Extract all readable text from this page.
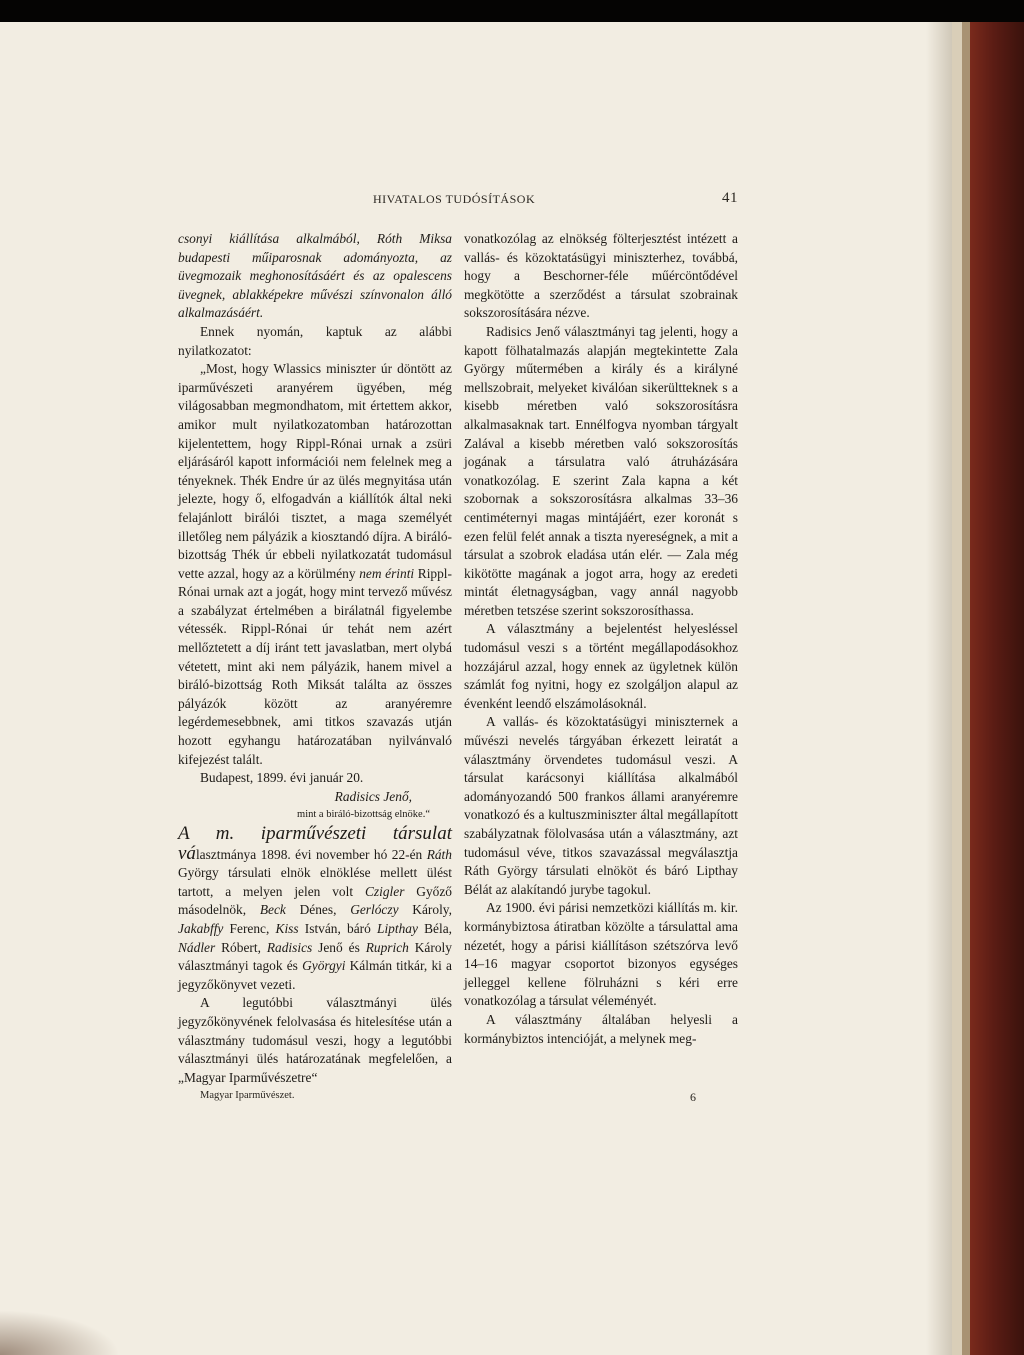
HIVATALOS TUDÓSÍTÁSOK	41

csonyi kiállítása alkalmából, Róth Miksa budapesti műiparosnak adományozta, az üvegmozaik meghonosításáért és az opalescens üvegnek, ablakképekre művészi színvonalon álló alkalmazásáért.

Ennek nyomán, kaptuk az alábbi nyilatkozatot:

„Most, hogy Wlassics miniszter úr döntött az iparművészeti aranyérem ügyében, még világosabban megmondhatom, mit értettem akkor, amikor mult nyilatkozatomban határozottan kijelentettem, hogy Rippl-Rónai urnak a zsüri eljárásáról kapott információi nem felelnek meg a tényeknek. Thék Endre úr az ülés megnyitása után jelezte, hogy ő, elfogadván a kiállítók által neki felajánlott birálói tisztet, a maga személyét illetőleg nem pályázik a kiosztandó díjra. A biráló-bizottság Thék úr ebbeli nyilatkozatát tudomásul vette azzal, hogy az a körülmény nem érinti Rippl-Rónai urnak azt a jogát, hogy mint tervező művész a szabályzat értelmében a birálatnál figyelembe vétessék. Rippl-Rónai úr tehát nem azért mellőztetett a díj iránt tett javaslatban, mert olybá vétetett, mint aki nem pályázik, hanem mivel a biráló-bizottság Roth Miksát találta az összes pályázók között az aranyéremre legérdemesebbnek, ami titkos szavazás utján hozott egyhangu határozatában nyilvánvaló kifejezést talált.

Budapest, 1899. évi január 20.

Radisics Jenő,

mint a biráló-bizottság elnöke.“

A m. iparművészeti társulat választmánya 1898. évi november hó 22-én Ráth György társulati elnök elnöklése mellett ülést tartott, a melyen jelen volt Czigler Győző másodelnök, Beck Dénes, Gerlóczy Károly, Jakabffy Ferenc, Kiss István, báró Lipthay Béla, Nádler Róbert, Radisics Jenő és Ruprich Károly választmányi tagok és Györgyi Kálmán titkár, ki a jegyzőkönyvet vezeti.

A legutóbbi választmányi ülés jegyzőkönyvének felolvasása és hitelesítése után a választmány tudomásul veszi, hogy a legutóbbi választmányi ülés határozatának megfelelően, a „Magyar Iparművészetre“

vonatkozólag az elnökség fölterjesztést intézett a vallás- és közoktatásügyi miniszterhez, továbbá, hogy a Beschorner-féle műércöntődével megkötötte a szerződést a társulat szobrainak sokszorosítására nézve.

Radisics Jenő választmányi tag jelenti, hogy a kapott fölhatalmazás alapján megtekintette Zala György műtermében a király és a királyné mellszobrait, melyeket kiválóan sikerültteknek s a kisebb méretben való sokszorosításra alkalmasaknak tart. Ennélfogva nyomban tárgyalt Zalával a kisebb méretben való sokszorosítás jogának a társulatra való átruházására vonatkozólag. E szerint Zala kapna a két szobornak a sokszorosításra alkalmas 33–36 centiméternyi magas mintájáért, ezer koronát s ezen felül felét annak a tiszta nyereségnek, a mit a társulat a szobrok eladása után elér. — Zala még kikötötte magának a jogot arra, hogy az eredeti mintát életnagyságban, vagy annál nagyobb méretben tetszése szerint sokszorosíthassa.

A választmány a bejelentést helyesléssel tudomásul veszi s a történt megállapodásokhoz hozzájárul azzal, hogy ennek az ügyletnek külön számlát fog nyitni, hogy ez szolgáljon alapul az évenként leendő elszámolásoknál.

A vallás- és közoktatásügyi miniszternek a művészi nevelés tárgyában érkezett leiratát a választmány örvendetes tudomásul veszi. A társulat karácsonyi kiállítása alkalmából adományozandó 500 frankos állami aranyéremre vonatkozó és a kultuszminiszter által megállapított szabályzatnak fölolvasása után a választmány, azt tudomásul véve, titkos szavazással megválasztja Ráth György társulati elnököt és báró Lipthay Bélát az alakítandó jurybe tagokul.

Az 1900. évi párisi nemzetközi kiállítás m. kir. kormánybiztosa átiratban közölte a társulattal ama nézetét, hogy a párisi kiállításon szétszórva levő 14–16 magyar csoportot bizonyos egységes jelleggel kellene fölruházni s kéri erre vonatkozólag a társulat véleményét.

A választmány általában helyesli a kormánybiztos intencióját, a melynek meg-

Magyar Iparművészet.	6
